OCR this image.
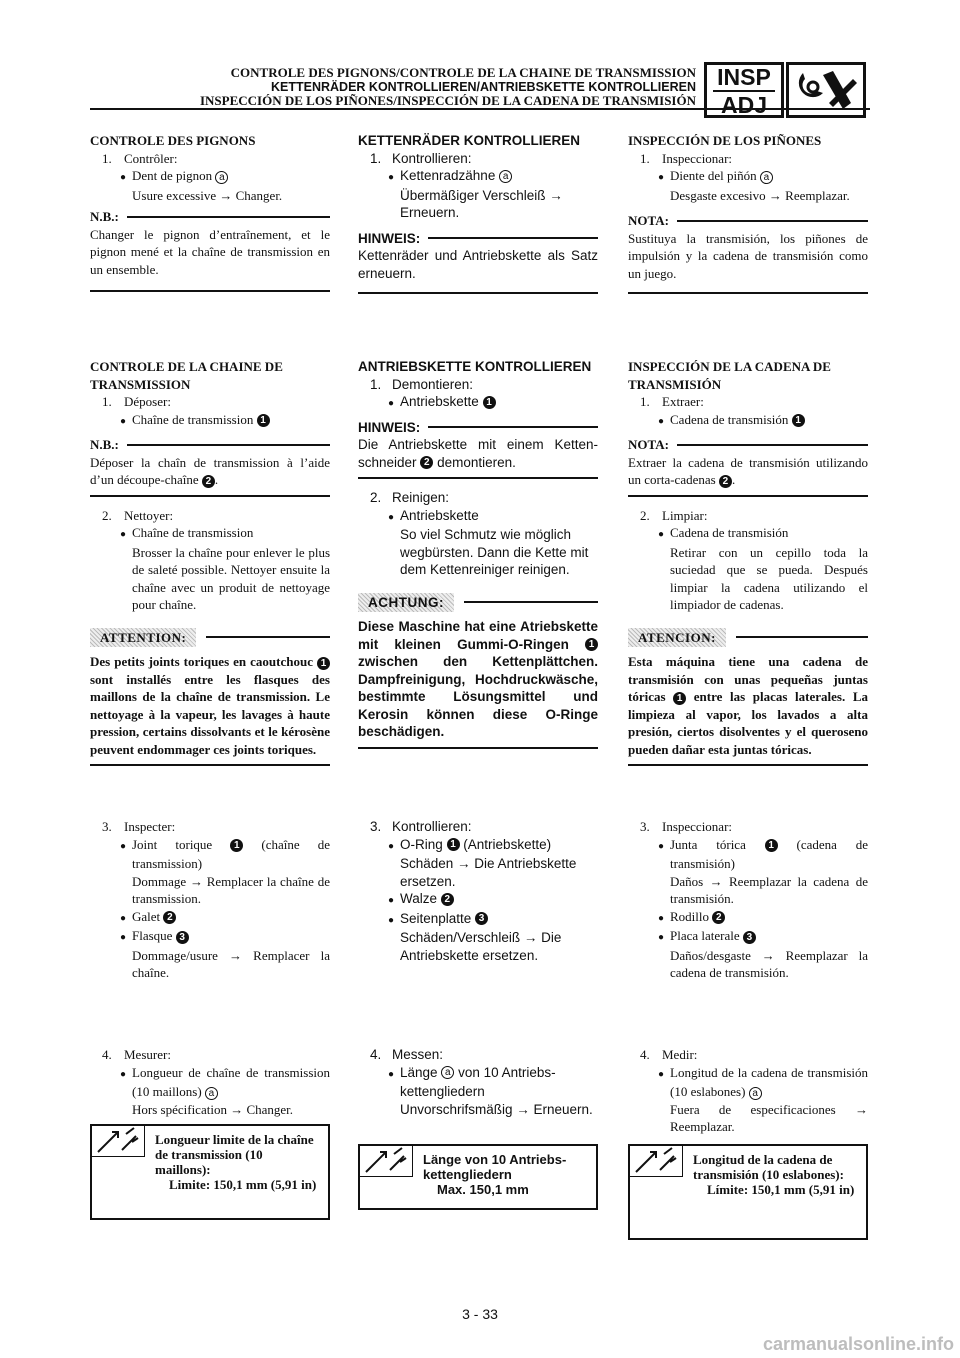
CONTROLE DES PIGNONS/CONTROLE DE LA CHAINE DE TRANSMISSION
KETTENRÄDER KONTROLLIEREN/ANTRIEBSKETTE KONTROLLIEREN
INSPECCIÓN DE LOS PIÑONES/INSPECCIÓN DE LA CADENA DE TRANSMISIÓN
INSP
ADJ
CONTROLE DES PIGNONS
1. Contrôler:
● Dent de pignon a
Usure excessive → Changer.
N.B.:
Changer le pignon d’entraînement, et le pignon mené et la chaîne de transmission en un ensemble.
CONTROLE DE LA CHAINE DE TRANSMISSION
1. Déposer:
● Chaîne de transmission 1
N.B.:
Déposer la chaîn de transmission à l’aide d’un découpe-chaîne 2 .
2. Nettoyer:
● Chaîne de transmission
Brosser la chaîne pour enlever le plus de saleté possible. Nettoyer ensuite la chaîne avec un produit de nettoyage pour chaîne.
ATTENTION:
Des petits joints toriques en caoutchouc 1 sont installés entre les flasques des maillons de la chaîne de transmission. Le nettoyage à la vapeur, les lavages à haute pression, certains dissolvants et le kérosène peuvent endommager ces joints toriques.
3. Inspecter:
● Joint torique 1 (chaîne de transmission)
Dommage → Remplacer la chaîne de transmission.
● Galet 2
● Flasque 3
Dommage/usure → Remplacer la chaîne.
4. Mesurer:
● Longueur de chaîne de transmission (10 maillons) a
Hors spécification → Changer.
Longueur limite de la chaîne de transmission (10 maillons):
Limite: 150,1 mm (5,91 in)
KETTENRÄDER KONTROLLIEREN
1. Kontrollieren:
● Kettenradzähne a
Übermäßiger Verschleiß → Erneuern.
HINWEIS:
Kettenräder und Antriebskette als Satz erneuern.
ANTRIEBSKETTE KONTROLLIEREN
1. Demontieren:
● Antriebskette 1
HINWEIS:
Die Antriebskette mit einem Kettenschneider 2 demontieren.
2. Reinigen:
● Antriebskette
So viel Schmutz wie möglich wegbürsten. Dann die Kette mit dem Kettenreiniger reinigen.
ACHTUNG:
Diese Maschine hat eine Atriebskette mit kleinen Gummi-O-Ringen 1 zwischen den Kettenplättchen. Dampfreinigung, Hochdruckwäsche, bestimmte Lösungsmittel und Kerosin können diese O-Ringe beschädigen.
3. Kontrollieren:
● O-Ring 1 (Antriebskette)
Schäden → Die Antriebskette ersetzen.
● Walze 2
● Seitenplatte 3
Schäden/Verschleiß → Die Antriebskette ersetzen.
4. Messen:
● Länge a von 10 Antriebskettengliedern
Unvorschrifsmäßig → Erneuern.
Länge von 10 Antriebskettengliedern
Max. 150,1 mm
INSPECCIÓN DE LOS PIÑONES
1. Inspeccionar:
● Diente del piñón a
Desgaste excesivo → Reemplazar.
NOTA:
Sustituya la transmisión, los piñones de impulsión y la cadena de transmisión como un juego.
INSPECCIÓN DE LA CADENA DE TRANSMISIÓN
1. Extraer:
● Cadena de transmisión 1
NOTA:
Extraer la cadena de transmisión utilizando un corta-cadenas 2 .
2. Limpiar:
● Cadena de transmisión
Retirar con un cepillo toda la suciedad que se pueda. Después limpiar la cadena utilizando el limpiador de cadenas.
ATENCION:
Esta máquina tiene una cadena de transmisión con unas pequeñas juntas tóricas 1 entre las placas laterales. La limpieza al vapor, los lavados a alta presión, ciertos disolventes y el queroseno pueden dañar esta juntas tóricas.
3. Inspeccionar:
● Junta tórica 1 (cadena de transmisión)
Daños → Reemplazar la cadena de transmisión.
● Rodillo 2
● Placa laterale 3
Daños/desgaste → Reemplazar la cadena de transmisión.
4. Medir:
● Longitud de la cadena de transmisión (10 eslabones) a
Fuera de especificaciones → Reemplazar.
Longitud de la cadena de transmisión (10 eslabones):
Límite: 150,1 mm (5,91 in)
3 - 33
carmanualsonline.info
